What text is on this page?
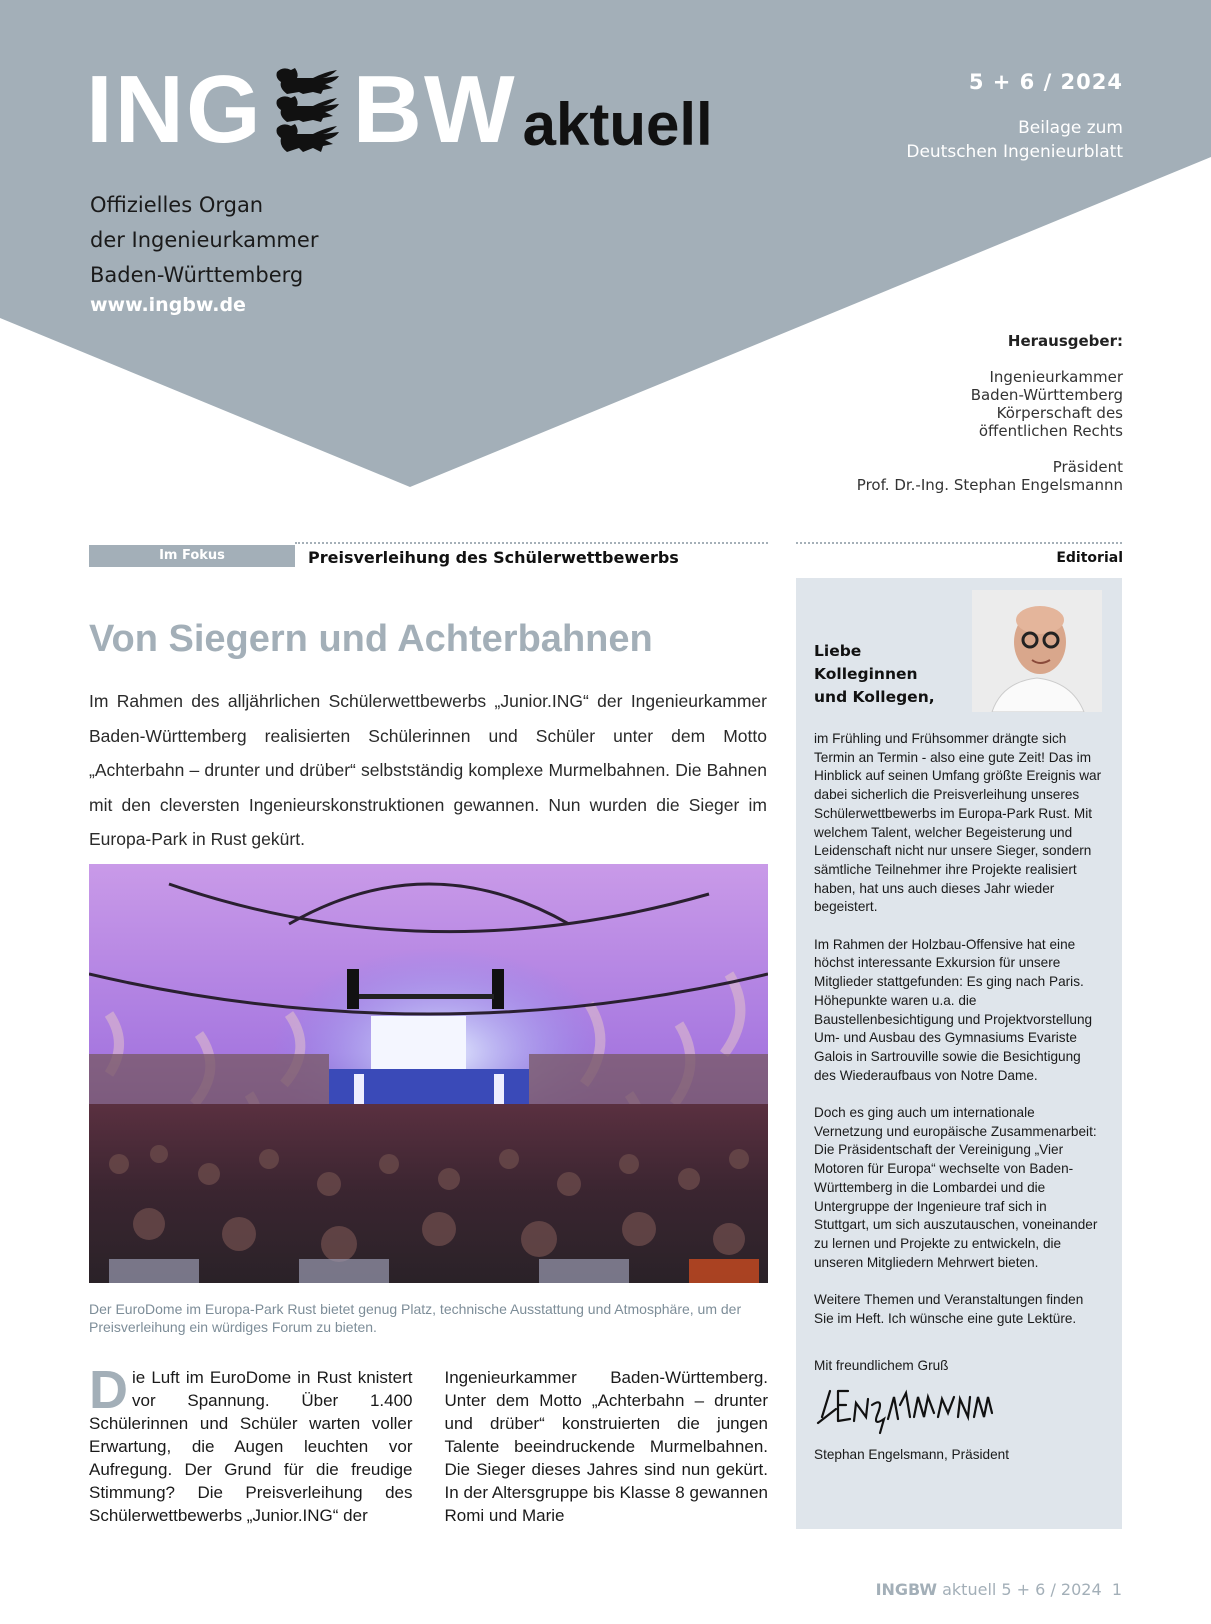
ING BW aktuell
5 + 6 / 2024
Beilage zum
Deutschen Ingenieurblatt
Offizielles Organ
der Ingenieurkammer
Baden-Württemberg
www.ingbw.de
Herausgeber:
Ingenieurkammer
Baden-Württemberg
Körperschaft des
öffentlichen Rechts
Präsident
Prof. Dr.-Ing. Stephan Engelsmannn
Im Fokus	Preisverleihung des Schülerwettbewerbs	Editorial
Von Siegern und Achterbahnen
Im Rahmen des alljährlichen Schülerwettbewerbs „Junior.ING“ der Ingenieurkammer Baden-Württemberg realisierten Schülerinnen und Schüler unter dem Motto „Achterbahn – drunter und drüber“ selbstständig komplexe Murmelbahnen. Die Bahnen mit den cleversten Ingenieurskonstruktionen gewannen. Nun wurden die Sieger im Europa-Park in Rust gekürt.
Der EuroDome im Europa-Park Rust bietet genug Platz, technische Ausstattung und Atmosphäre, um der Preisverleihung ein würdiges Forum zu bieten.
Die Luft im EuroDome in Rust knistert vor Spannung. Über 1.400 Schülerinnen und Schüler warten voller Erwartung, die Augen leuchten vor Aufregung. Der Grund für die freudige Stimmung? Die Preisverleihung des Schülerwettbewerbs „Junior.ING“ der
Ingenieurkammer Baden-Württemberg. Unter dem Motto „Achterbahn – drunter und drüber“ konstruierten die jungen Talente beeindruckende Murmelbahnen. Die Sieger dieses Jahres sind nun gekürt. In der Altersgruppe bis Klasse 8 gewannen Romi und Marie
Liebe
Kolleginnen
und Kollegen,

im Frühling und Frühsommer drängte sich Termin an Termin - also eine gute Zeit! Das im Hinblick auf seinen Umfang größte Ereignis war dabei sicherlich die Preisverleihung unseres Schülerwettbewerbs im Europa-Park Rust. Mit welchem Talent, welcher Begeisterung und Leidenschaft nicht nur unsere Sieger, sondern sämtliche Teilnehmer ihre Projekte realisiert haben, hat uns auch dieses Jahr wieder begeistert.

Im Rahmen der Holzbau-Offensive hat eine höchst interessante Exkursion für unsere Mitglieder stattgefunden: Es ging nach Paris. Höhepunkte waren u.a. die Baustellenbesichtigung und Projektvorstellung Um- und Ausbau des Gymnasiums Evariste Galois in Sartrouville sowie die Besichtigung des Wiederaufbaus von Notre Dame.

Doch es ging auch um internationale Vernetzung und europäische Zusammenarbeit: Die Präsidentschaft der Vereinigung „Vier Motoren für Europa“ wechselte von Baden-Württemberg in die Lombardei und die Untergruppe der Ingenieure traf sich in Stuttgart, um sich auszutauschen, voneinander zu lernen und Projekte zu entwickeln, die unseren Mitgliedern Mehrwert bieten.

Weitere Themen und Veranstaltungen finden Sie im Heft. Ich wünsche eine gute Lektüre.

Mit freundlichem Gruß
Stephan Engelsmann, Präsident
INGBW aktuell 5 + 6 / 2024 1
